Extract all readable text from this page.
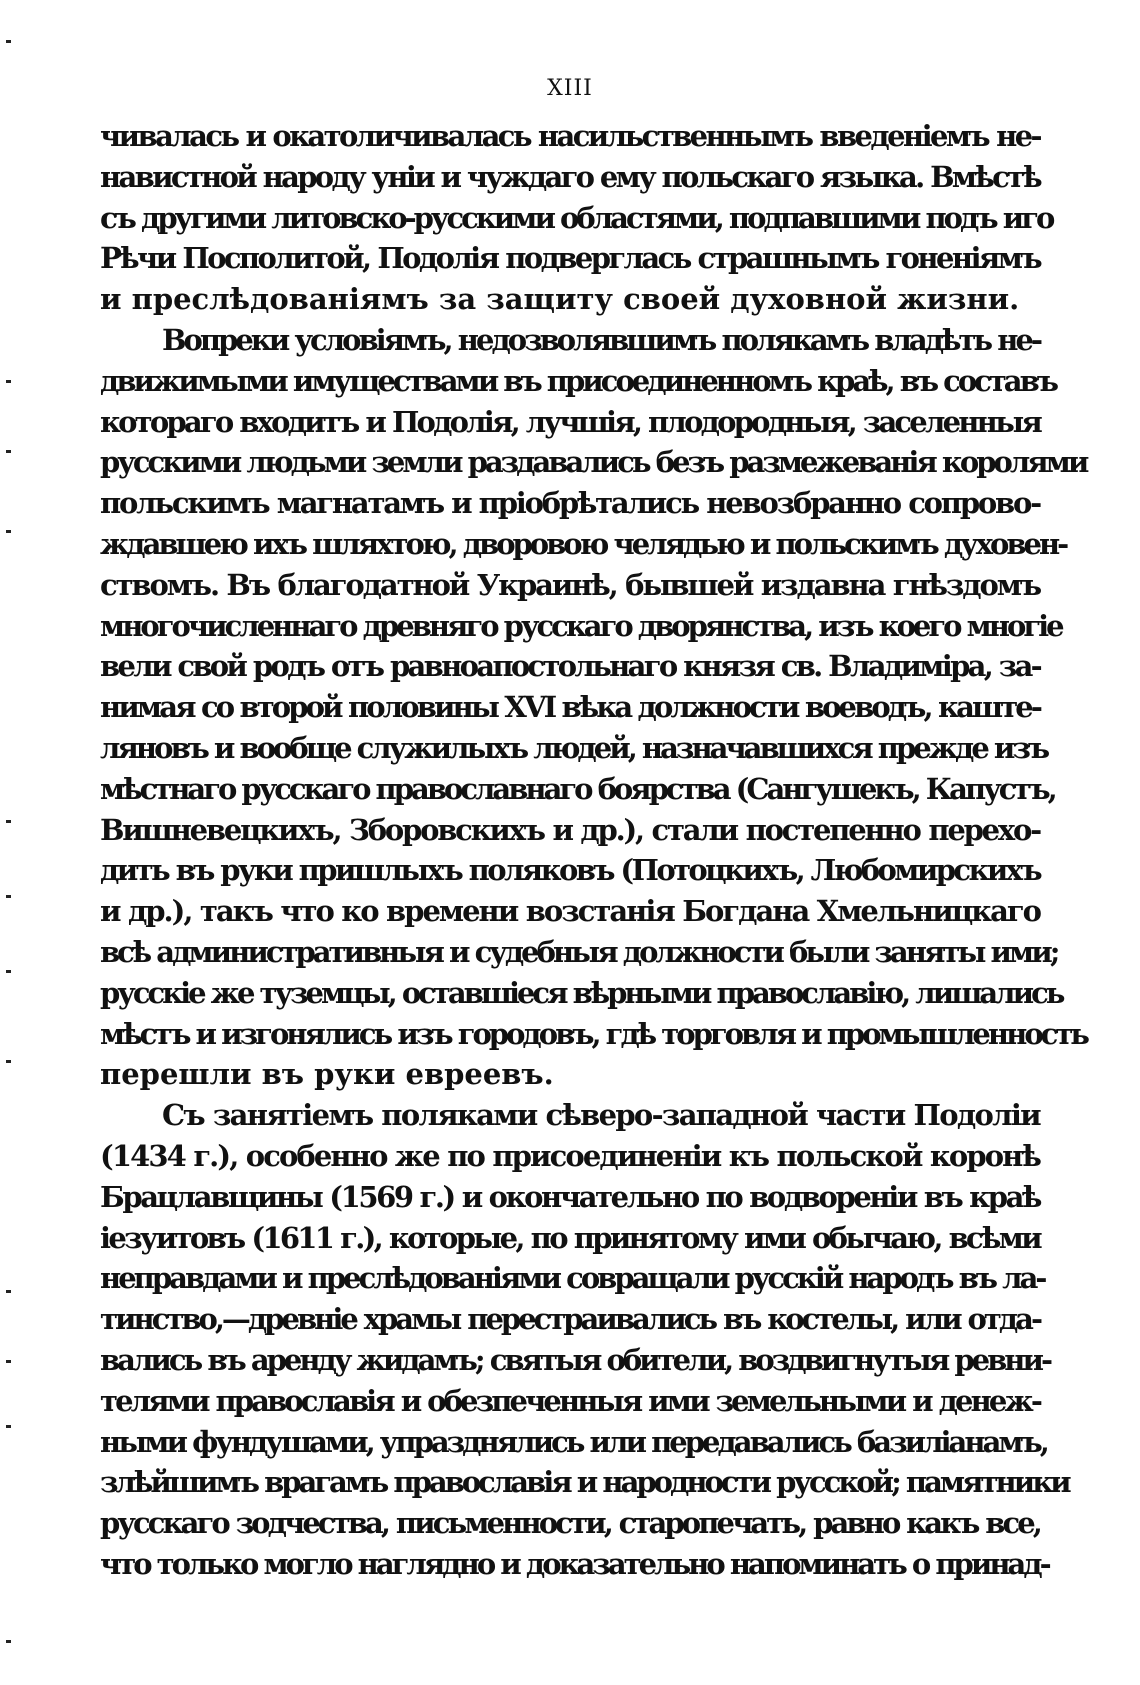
XIII
чивалась и окатоличивалась насильственнымъ введеніемъ не-
навистной народу уніи и чуждаго ему польскаго языка. Вмѣстѣ
съ другими литовско-русскими областями, подпавшими подъ иго
Рѣчи Посполитой, Подолія подверглась страшнымъ гоненіямъ
и преслѣдованіямъ за защиту своей духовной жизни.
Вопреки условіямъ, недозволявшимъ полякамъ владѣть не-
движимыми имуществами въ присоединенномъ краѣ, въ составъ
котораго входитъ и Подолія, лучшія, плодородныя, заселенныя
русскими людьми земли раздавались безъ размежеванія королями
польскимъ магнатамъ и пріобрѣтались невозбранно сопрово-
ждавшею ихъ шляхтою, дворовою челядью и польскимъ духовен-
ствомъ. Въ благодатной Украинѣ, бывшей издавна гнѣздомъ
многочисленнаго древняго русскаго дворянства, изъ коего многіе
вели свой родъ отъ равноапостольнаго князя св. Владиміра, за-
нимая со второй половины XVI вѣка должности воеводъ, каште-
ляновъ и вообще служилыхъ людей, назначавшихся прежде изъ
мѣстнаго русскаго православнаго боярства (Сангушекъ, Капустъ,
Вишневецкихъ, Зборовскихъ и др.), стали постепенно перехо-
дить въ руки пришлыхъ поляковъ (Потоцкихъ, Любомирскихъ
и др.), такъ что ко времени возстанія Богдана Хмельницкаго
всѣ административныя и судебныя должности были заняты ими;
русскіе же туземцы, оставшіеся вѣрными православію, лишались
мѣстъ и изгонялись изъ городовъ, гдѣ торговля и промышленность
перешли въ руки евреевъ.
Съ занятіемъ поляками сѣверо-западной части Подоліи
(1434 г.), особенно же по присоединеніи къ польской коронѣ
Брацлавщины (1569 г.) и окончательно по водвореніи въ краѣ
іезуитовъ (1611 г.), которые, по принятому ими обычаю, всѣми
неправдами и преслѣдованіями совращали русскій народъ въ ла-
тинство,—древніе храмы перестраивались въ костелы, или отда-
вались въ аренду жидамъ; святыя обители, воздвигнутыя ревни-
телями православія и обезпеченныя ими земельными и денеж-
ными фундушами, упразднялись или передавались базиліанамъ,
злѣйшимъ врагамъ православія и народности русской; памятники
русскаго зодчества, письменности, старопечать, равно какъ все,
что только могло наглядно и доказательно напоминать о принад-
